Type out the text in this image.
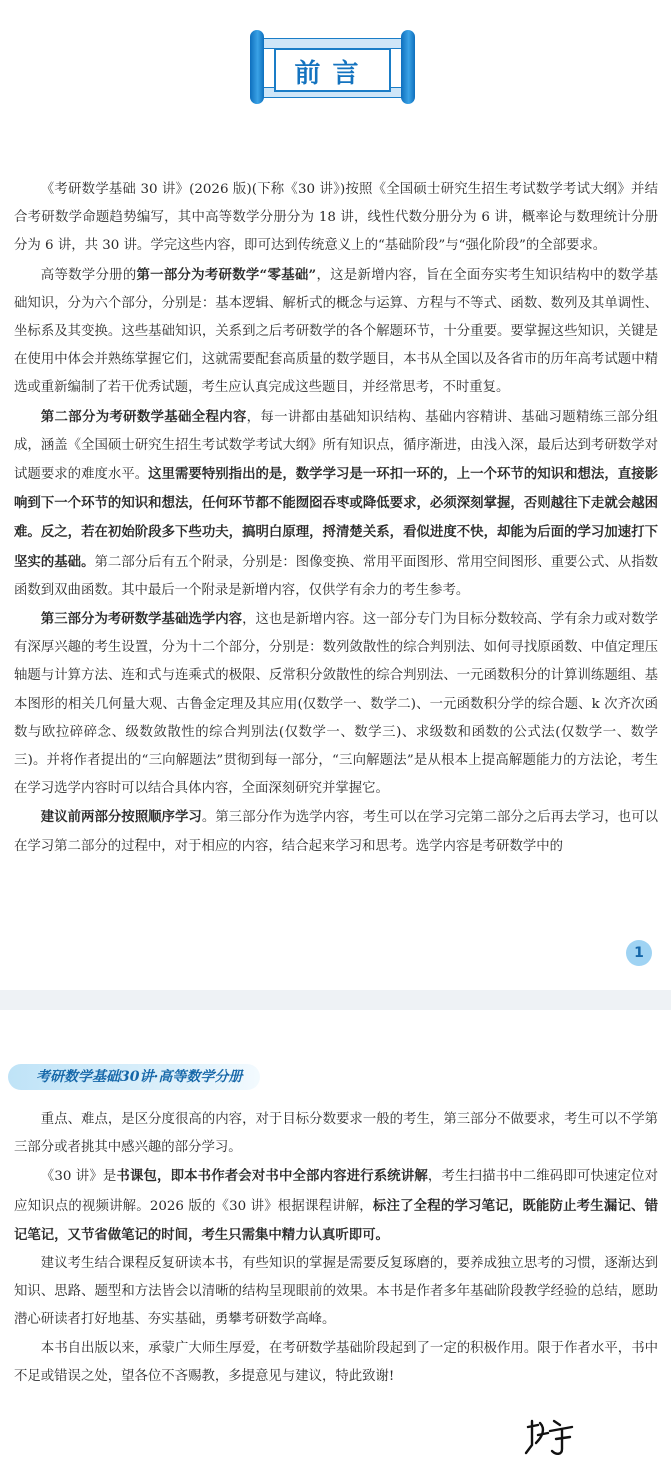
前言

《考研数学基础 30 讲》(2026 版)(下称《30 讲》)按照《全国硕士研究生招生考试数学考试大纲》并结合考研数学命题趋势编写，其中高等数学分册分为 18 讲，线性代数分册分为 6 讲，概率论与数理统计分册分为 6 讲，共 30 讲。学完这些内容，即可达到传统意义上的“基础阶段”与“强化阶段”的全部要求。

高等数学分册的第一部分为考研数学“零基础”，这是新增内容，旨在全面夯实考生知识结构中的数学基础知识，分为六个部分，分别是：基本逻辑、解析式的概念与运算、方程与不等式、函数、数列及其单调性、坐标系及其变换。这些基础知识，关系到之后考研数学的各个解题环节，十分重要。要掌握这些知识，关键是在使用中体会并熟练掌握它们，这就需要配套高质量的数学题目，本书从全国以及各省市的历年高考试题中精选或重新编制了若干优秀试题，考生应认真完成这些题目，并经常思考，不时重复。

第二部分为考研数学基础全程内容，每一讲都由基础知识结构、基础内容精讲、基础习题精练三部分组成，涵盖《全国硕士研究生招生考试数学考试大纲》所有知识点，循序渐进，由浅入深，最后达到考研数学对试题要求的难度水平。这里需要特别指出的是，数学学习是一环扣一环的，上一个环节的知识和想法，直接影响到下一个环节的知识和想法，任何环节都不能囫囵吞枣或降低要求，必须深刻掌握，否则越往下走就会越困难。反之，若在初始阶段多下些功夫，搞明白原理，捋清楚关系，看似进度不快，却能为后面的学习加速打下坚实的基础。第二部分后有五个附录，分别是：图像变换、常用平面图形、常用空间图形、重要公式、从指数函数到双曲函数。其中最后一个附录是新增内容，仅供学有余力的考生参考。

第三部分为考研数学基础选学内容，这也是新增内容。这一部分专门为目标分数较高、学有余力或对数学有深厚兴趣的考生设置，分为十二个部分，分别是：数列敛散性的综合判别法、如何寻找原函数、中值定理压轴题与计算方法、连和式与连乘式的极限、反常积分敛散性的综合判别法、一元函数积分的计算训练题组、基本图形的相关几何量大观、古鲁金定理及其应用(仅数学一、数学二)、一元函数积分学的综合题、k 次齐次函数与欧拉碎碎念、级数敛散性的综合判别法(仅数学一、数学三)、求级数和函数的公式法(仅数学一、数学三)。并将作者提出的“三向解题法”贯彻到每一部分，“三向解题法”是从根本上提高解题能力的方法论，考生在学习选学内容时可以结合具体内容，全面深刻研究并掌握它。

建议前两部分按照顺序学习。第三部分作为选学内容，考生可以在学习完第二部分之后再去学习，也可以在学习第二部分的过程中，对于相应的内容，结合起来学习和思考。选学内容是考研数学中的

1
考研数学基础30讲·高等数学分册

重点、难点，是区分度很高的内容，对于目标分数要求一般的考生，第三部分不做要求，考生可以不学第三部分或者挑其中感兴趣的部分学习。

《30 讲》是书课包，即本书作者会对书中全部内容进行系统讲解，考生扫描书中二维码即可快速定位对应知识点的视频讲解。2026 版的《30 讲》根据课程讲解，标注了全程的学习笔记，既能防止考生漏记、错记笔记，又节省做笔记的时间，考生只需集中精力认真听即可。

建议考生结合课程反复研读本书，有些知识的掌握是需要反复琢磨的，要养成独立思考的习惯，逐渐达到知识、思路、题型和方法皆会以清晰的结构呈现眼前的效果。本书是作者多年基础阶段教学经验的总结，愿助潜心研读者打好地基、夯实基础，勇攀考研数学高峰。

本书自出版以来，承蒙广大师生厚爱，在考研数学基础阶段起到了一定的积极作用。限于作者水平，书中不足或错误之处，望各位不吝赐教，多提意见与建议，特此致谢!
